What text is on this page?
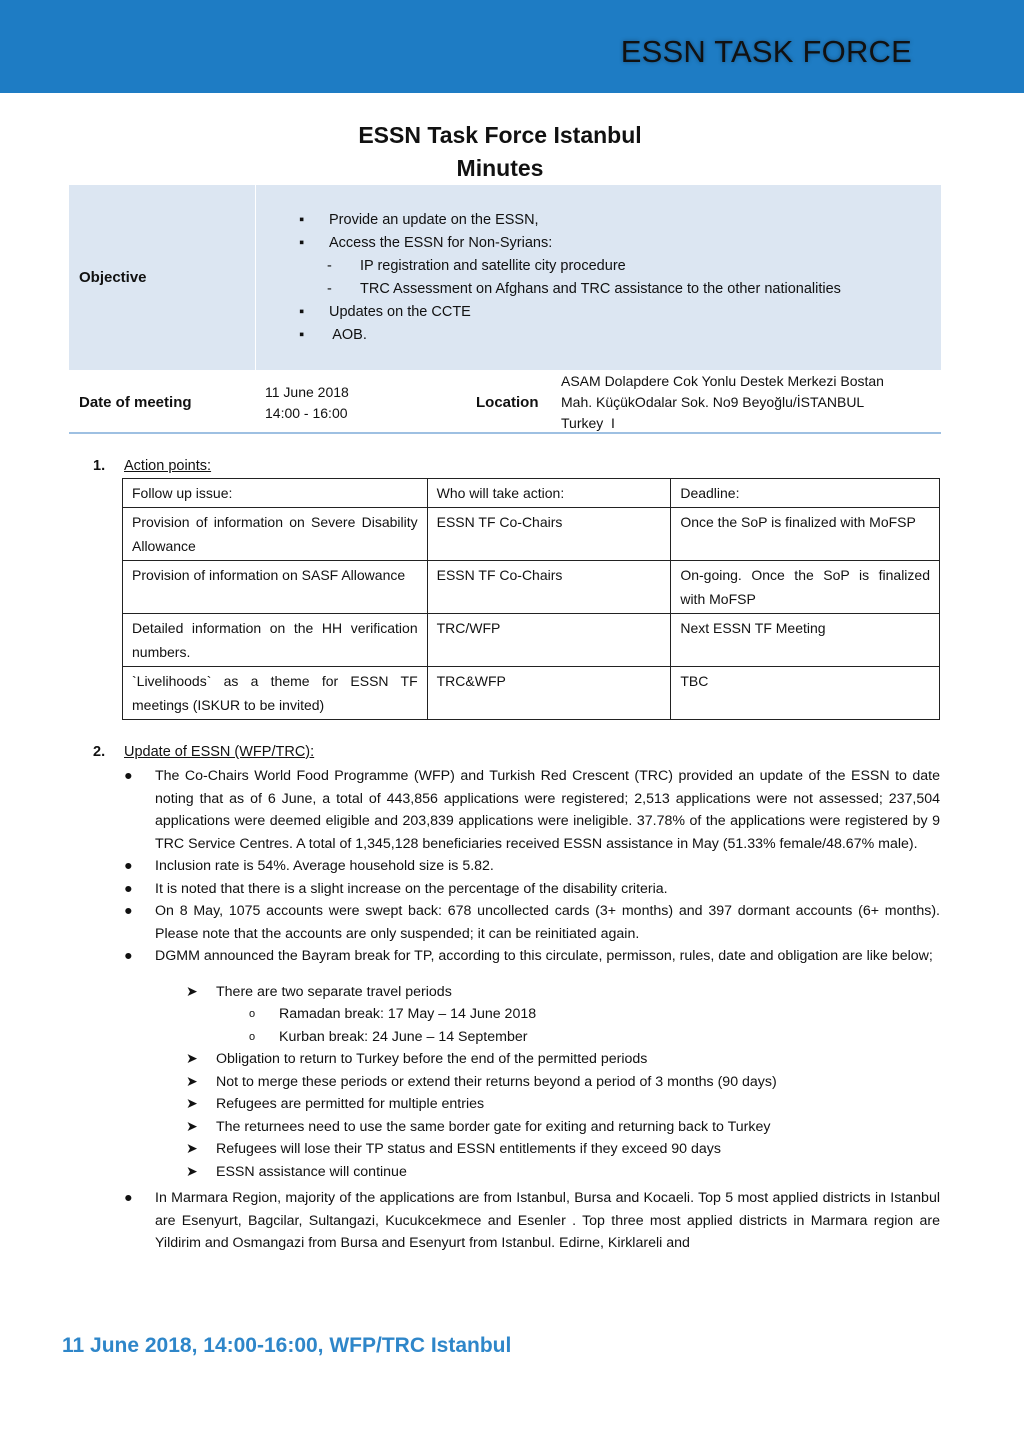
ESSN TASK FORCE
ESSN Task Force Istanbul
Minutes
Objective
▪ Provide an update on the ESSN,
▪ Access the ESSN for Non-Syrians:
- IP registration and satellite city procedure
- TRC Assessment on Afghans and TRC assistance to the other nationalities
▪ Updates on the CCTE
▪ AOB.
Date of meeting
11 June 2018
14:00 - 16:00
Location
ASAM Dolapdere Cok Yonlu Destek Merkezi Bostan
Mah. KüçükOdalar Sok. No9 Beyoğlu/İSTANBUL
Turkey  I
1. Action points:
Follow up issue:	Who will take action:	Deadline:
Provision of information on Severe Disability Allowance	ESSN TF Co-Chairs	Once the SoP is finalized with MoFSP
Provision of information on SASF Allowance	ESSN TF Co-Chairs	On-going. Once the SoP is finalized with MoFSP
Detailed information on the HH verification numbers.	TRC/WFP	Next ESSN TF Meeting
`Livelihoods` as a theme for ESSN TF meetings (ISKUR to be invited)	TRC&WFP	TBC
2. Update of ESSN (WFP/TRC):
● The Co-Chairs World Food Programme (WFP) and Turkish Red Crescent (TRC) provided an update of the ESSN to date noting that as of 6 June, a total of 443,856 applications were registered; 2,513 applications were not assessed; 237,504 applications were deemed eligible and 203,839 applications were ineligible. 37.78% of the applications were registered by 9 TRC Service Centres. A total of 1,345,128 beneficiaries received ESSN assistance in May (51.33% female/48.67% male).
● Inclusion rate is 54%. Average household size is 5.82.
● It is noted that there is a slight increase on the percentage of the disability criteria.
● On 8 May, 1075 accounts were swept back: 678 uncollected cards (3+ months) and 397 dormant accounts (6+ months). Please note that the accounts are only suspended; it can be reinitiated again.
● DGMM announced the Bayram break for TP, according to this circulate, permisson, rules, date and obligation are like below;
➤ There are two separate travel periods
o Ramadan break: 17 May – 14 June 2018
o Kurban break: 24 June – 14 September
➤ Obligation to return to Turkey before the end of the permitted periods
➤ Not to merge these periods or extend their returns beyond a period of 3 months (90 days)
➤ Refugees are permitted for multiple entries
➤ The returnees need to use the same border gate for exiting and returning back to Turkey
➤ Refugees will lose their TP status and ESSN entitlements if they exceed 90 days
➤ ESSN assistance will continue
● In Marmara Region, majority of the applications are from Istanbul, Bursa and Kocaeli. Top 5 most applied districts in Istanbul are Esenyurt, Bagcilar, Sultangazi, Kucukcekmece and Esenler . Top three most applied districts in Marmara region are Yildirim and Osmangazi from Bursa and Esenyurt from Istanbul. Edirne, Kirklareli and
11 June 2018, 14:00-16:00, WFP/TRC Istanbul
